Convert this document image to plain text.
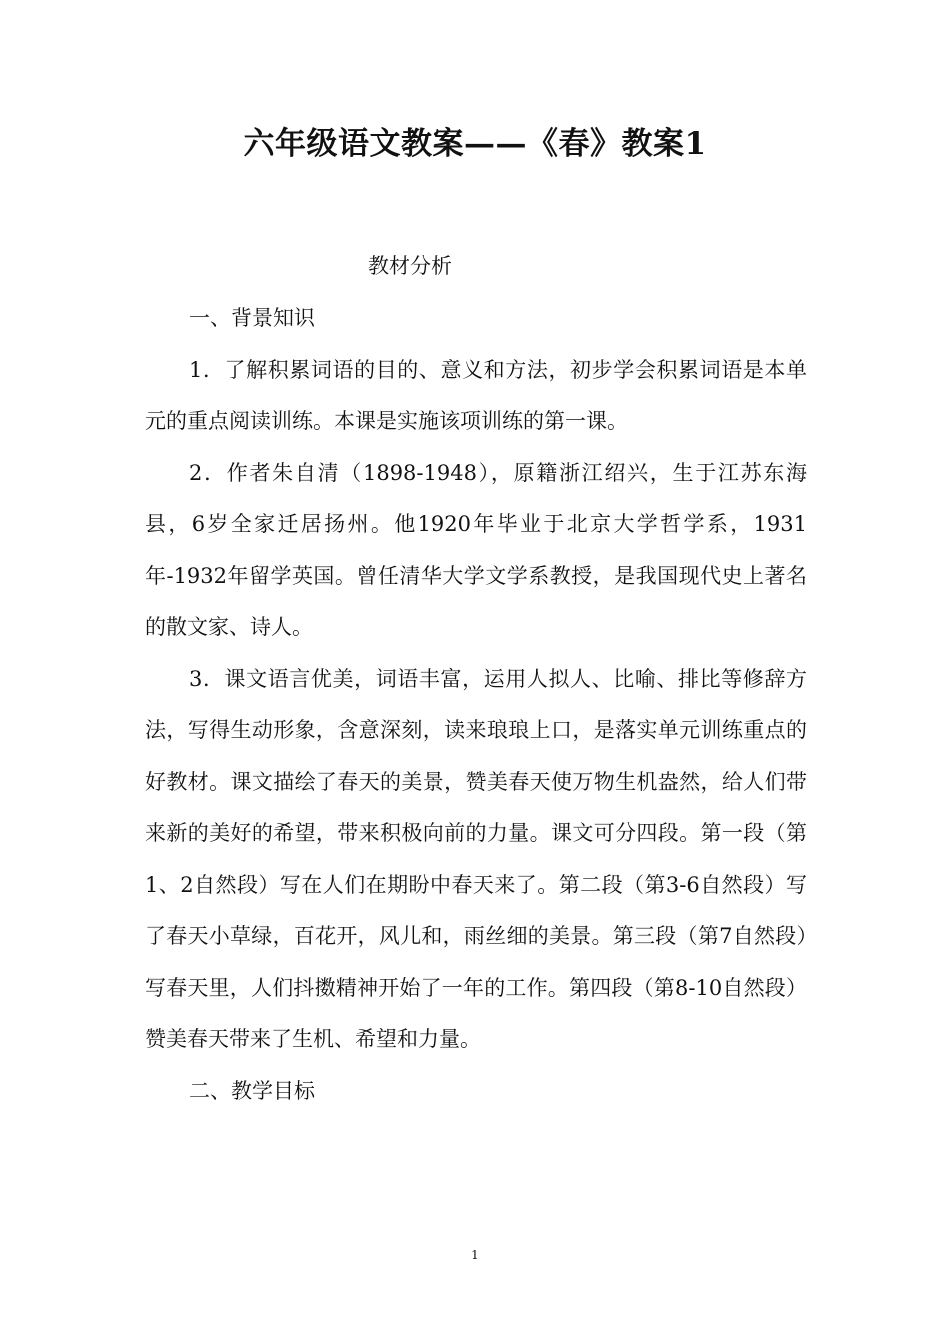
六年级语文教案——《春》教案1
教材分析

一、背景知识

1．了解积累词语的目的、意义和方法，初步学会积累词语是本单元的重点阅读训练。本课是实施该项训练的第一课。

2．作者朱自清（1898-1948），原籍浙江绍兴，生于江苏东海县，6岁全家迁居扬州。他1920年毕业于北京大学哲学系，1931年-1932年留学英国。曾任清华大学文学系教授，是我国现代史上著名的散文家、诗人。

3．课文语言优美，词语丰富，运用人拟人、比喻、排比等修辞方法，写得生动形象，含意深刻，读来琅琅上口，是落实单元训练重点的好教材。课文描绘了春天的美景，赞美春天使万物生机盎然，给人们带来新的美好的希望，带来积极向前的力量。课文可分四段。第一段（第1、2自然段）写在人们在期盼中春天来了。第二段（第3-6自然段）写了春天小草绿，百花开，风儿和，雨丝细的美景。第三段（第7自然段）写春天里，人们抖擞精神开始了一年的工作。第四段（第8-10自然段）赞美春天带来了生机、希望和力量。

二、教学目标

1
